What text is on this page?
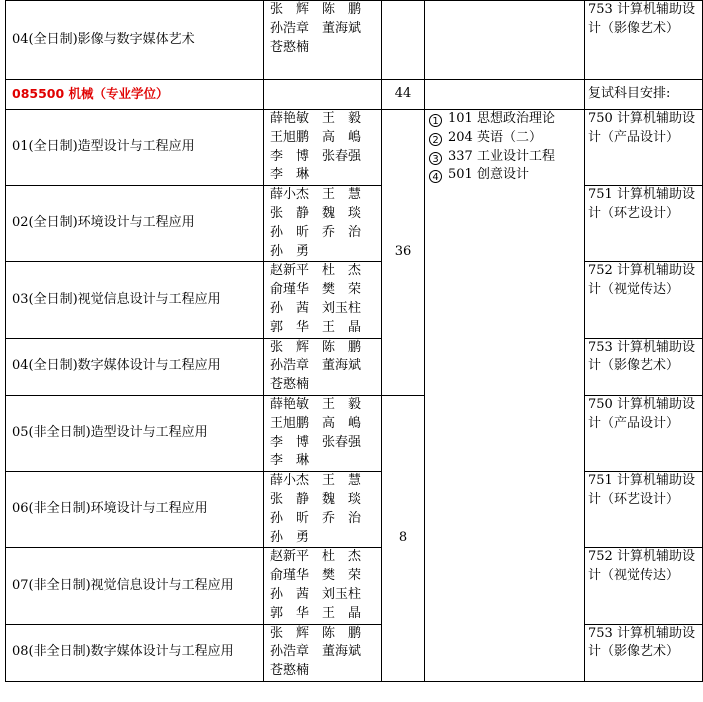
04(全日制)影像与数字媒体艺术	张　辉　陈　鹏
孙浩章　董海斌
苍憨楠			753 计算机辅助设计（影像艺术）
085500 机械（专业学位）		44		复试科目安排:
01(全日制)造型设计与工程应用	薛艳敏　王　毅
王旭鹏　高　嶋
李　博　张春强
李　琳	36	1 101 思想政治理论
2 204 英语（二）
3 337 工业设计工程
4 501 创意设计	750 计算机辅助设计（产品设计）
02(全日制)环境设计与工程应用	薛小杰　王　慧
张　静　魏　琰
孙　昕　乔　治
孙　勇			751 计算机辅助设计（环艺设计）
03(全日制)视觉信息设计与工程应用	赵新平　杜　杰
俞瑾华　樊　荣
孙　茜　刘玉柱
郭　华　王　晶			752 计算机辅助设计（视觉传达）
04(全日制)数字媒体设计与工程应用	张　辉　陈　鹏
孙浩章　董海斌
苍憨楠			753 计算机辅助设计（影像艺术）
05(非全日制)造型设计与工程应用	薛艳敏　王　毅
王旭鹏　高　嶋
李　博　张春强
李　琳	8		750 计算机辅助设计（产品设计）
06(非全日制)环境设计与工程应用	薛小杰　王　慧
张　静　魏　琰
孙　昕　乔　治
孙　勇			751 计算机辅助设计（环艺设计）
07(非全日制)视觉信息设计与工程应用	赵新平　杜　杰
俞瑾华　樊　荣
孙　茜　刘玉柱
郭　华　王　晶			752 计算机辅助设计（视觉传达）
08(非全日制)数字媒体设计与工程应用	张　辉　陈　鹏
孙浩章　董海斌
苍憨楠			753 计算机辅助设计（影像艺术）
